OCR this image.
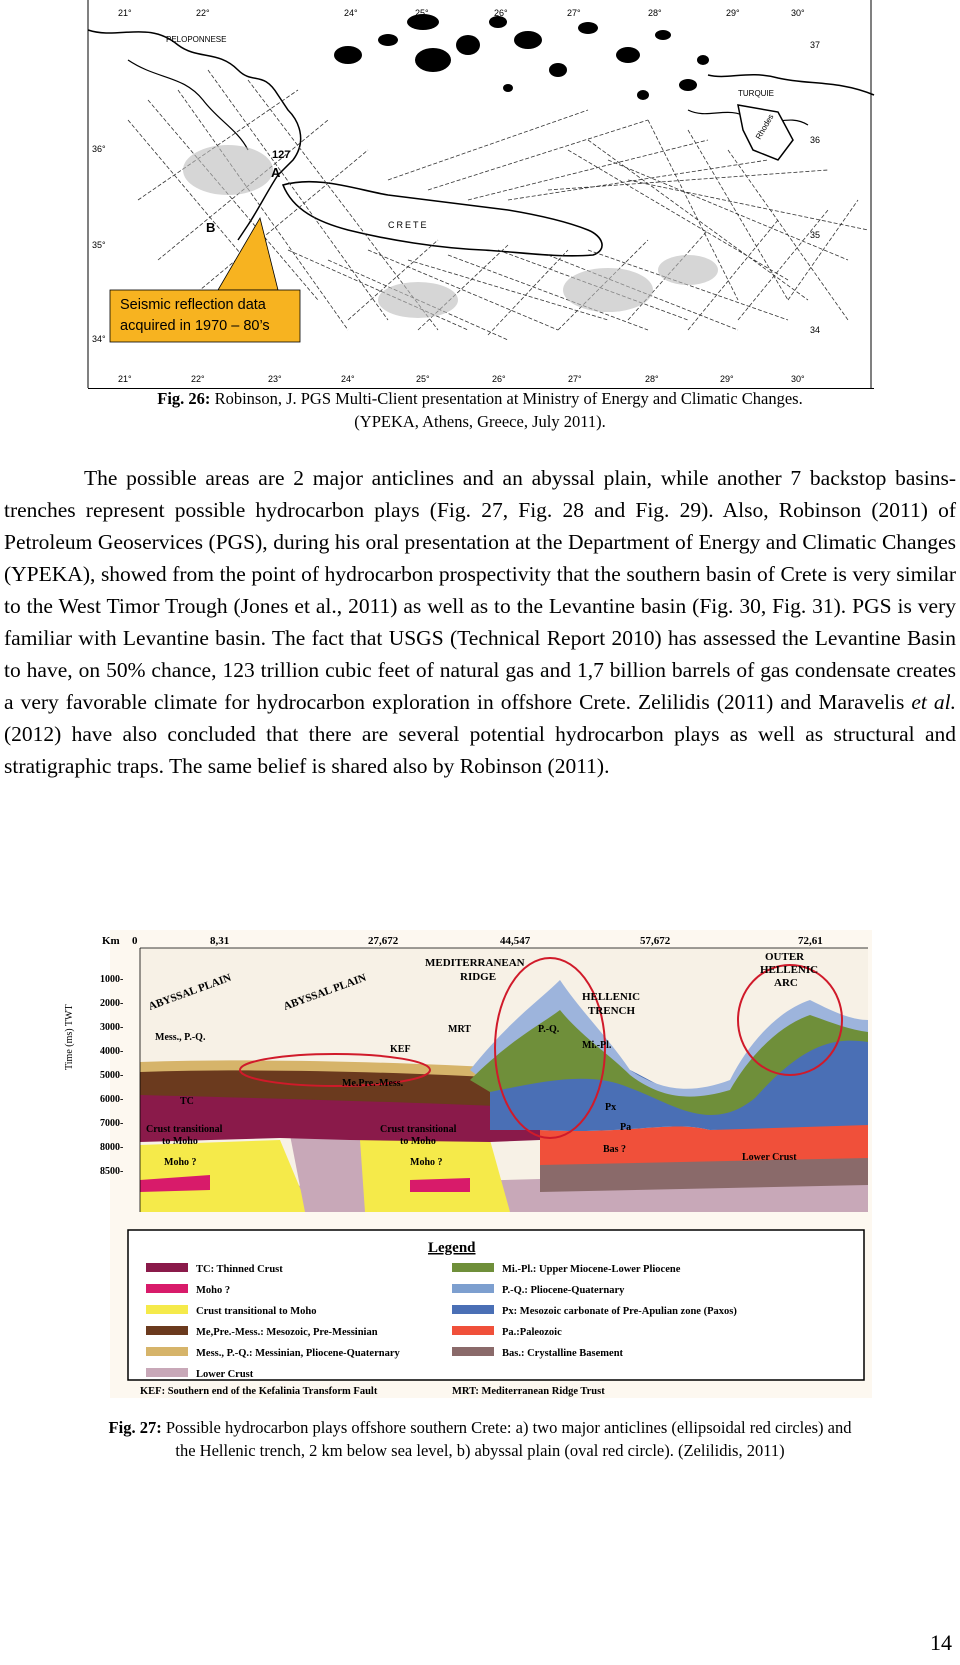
21°	22°	24°	25°	26°	27°	28°	29°	30°
21°	22°	23°	24°	25°	26°	27°	28°	29°	30°
36°
35°
34°
37
36
35
34
PELOPONNESE
TURQUIE
CRETE
Rhodes
127
A
B
Seismic reflection data
acquired in 1970 – 80’s
Fig. 26: Robinson, J. PGS Multi-Client presentation at Ministry of Energy and Climatic Changes.
(YPEKA, Athens, Greece, July 2011).

The possible areas are 2 major anticlines and an abyssal plain, while another 7 backstop basins-trenches represent possible hydrocarbon plays (Fig. 27, Fig. 28 and Fig. 29). Also, Robinson (2011) of Petroleum Geoservices (PGS), during his oral presentation at the Department of Energy and Climatic Changes (YPEKA), showed from the point of hydrocarbon prospectivity that the southern basin of Crete is very similar to the West Timor Trough (Jones et al., 2011) as well as to the Levantine basin (Fig. 30, Fig. 31). PGS is very familiar with Levantine basin. The fact that USGS (Technical Report 2010) has assessed the Levantine Basin to have, on 50% chance, 123 trillion cubic feet of natural gas and 1,7 billion barrels of gas condensate creates a very favorable climate for hydrocarbon exploration in offshore Crete. Zelilidis (2011) and Maravelis et al. (2012) have also concluded that there are several potential hydrocarbon plays as well as structural and stratigraphic traps. The same belief is shared also by Robinson (2011).

Km 0	8,31	27,672	44,547	57,672	72,61
1000-
2000-
3000-
4000-
5000-
6000-
7000-
8000-
8500-
Time (ms) TWT
ABYSSAL PLAIN	ABYSSAL PLAIN
MEDITERRANEAN
RIDGE
HELLENIC
TRENCH
OUTER
HELLENIC
ARC
Mess., P.-Q.
KEF
MRT	P.-Q.
Mi.-Pl.
Me.Pre.-Mess.
TC
Px
Pa
Bas ?
Crust transitional
to Moho
Moho ?
Crust transitional
to Moho
Moho ?	Lower Crust
Legend
TC: Thinned Crust
Moho ?
Crust transitional to Moho
Me,Pre.-Mess.: Mesozoic, Pre-Messinian
Mess., P.-Q.: Messinian, Pliocene-Quaternary
Lower Crust
Mi.-Pl.: Upper Miocene-Lower Pliocene
P.-Q.: Pliocene-Quaternary
Px: Mesozoic carbonate of Pre-Apulian zone (Paxos)
Pa.:Paleozoic
Bas.: Crystalline Basement
KEF: Southern end of the Kefalinia Transform Fault	MRT: Mediterranean Ridge Trust
Fig. 27: Possible hydrocarbon plays offshore southern Crete: a) two major anticlines (ellipsoidal red circles) and
the Hellenic trench, 2 km below sea level, b) abyssal plain (oval red circle). (Zelilidis, 2011)
14
